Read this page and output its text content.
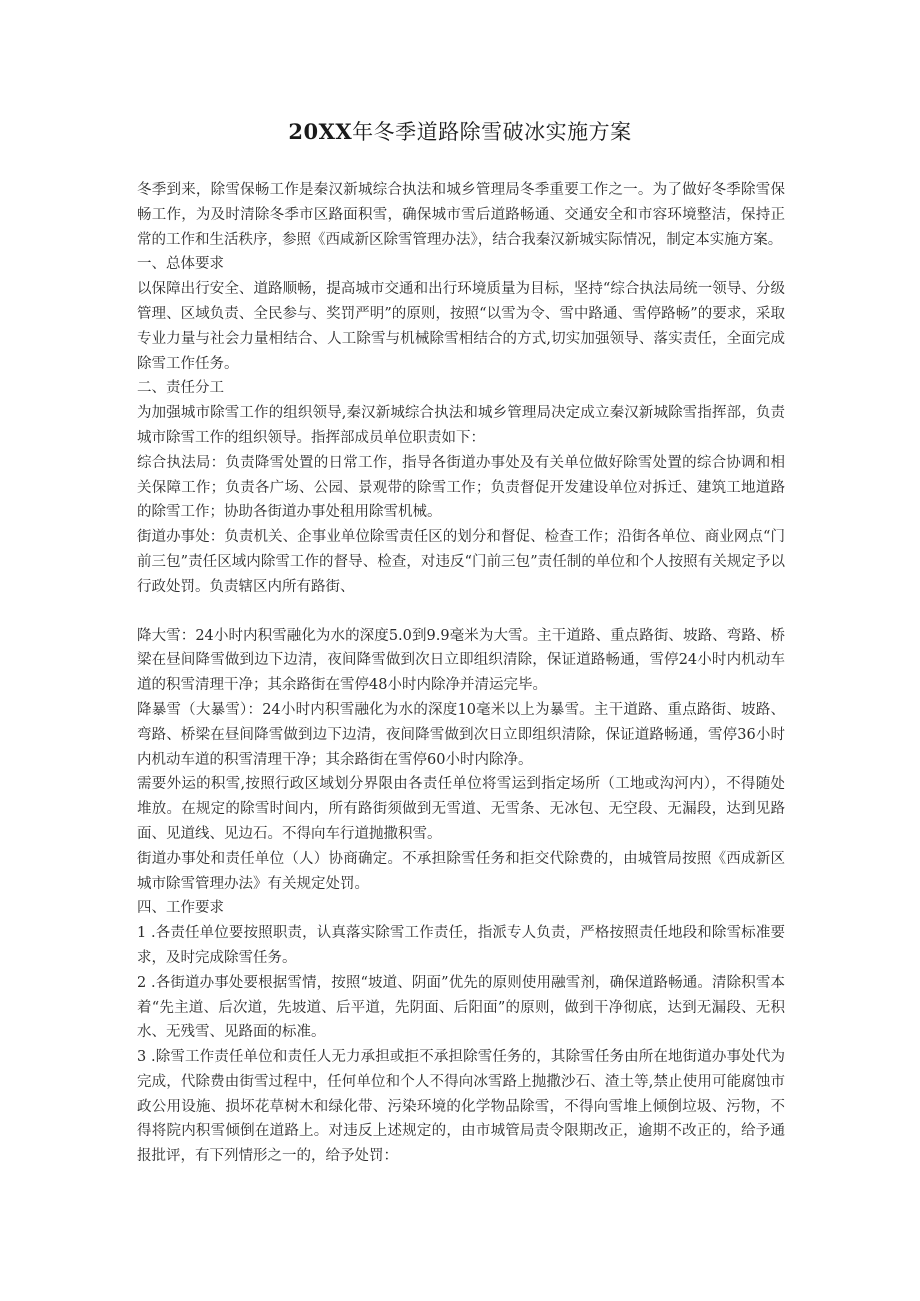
20XX年冬季道路除雪破冰实施方案

冬季到来，除雪保畅工作是秦汉新城综合执法和城乡管理局冬季重要工作之一。为了做好冬季除雪保畅工作，为及时清除冬季市区路面积雪，确保城市雪后道路畅通、交通安全和市容环境整洁，保持正常的工作和生活秩序，参照《西咸新区除雪管理办法》，结合我秦汉新城实际情况，制定本实施方案。

一、总体要求

以保障出行安全、道路顺畅，提高城市交通和出行环境质量为目标，坚持“综合执法局统一领导、分级管理、区域负责、全民参与、奖罚严明”的原则，按照“以雪为令、雪中路通、雪停路畅”的要求，采取专业力量与社会力量相结合、人工除雪与机械除雪相结合的方式,切实加强领导、落实责任，全面完成除雪工作任务。

二、责任分工

为加强城市除雪工作的组织领导,秦汉新城综合执法和城乡管理局决定成立秦汉新城除雪指挥部，负责城市除雪工作的组织领导。指挥部成员单位职责如下：

综合执法局：负责降雪处置的日常工作，指导各街道办事处及有关单位做好除雪处置的综合协调和相关保障工作；负责各广场、公园、景观带的除雪工作；负责督促开发建设单位对拆迁、建筑工地道路的除雪工作；协助各街道办事处租用除雪机械。

街道办事处：负责机关、企事业单位除雪责任区的划分和督促、检查工作；沿街各单位、商业网点“门前三包”责任区域内除雪工作的督导、检查，对违反“门前三包”责任制的单位和个人按照有关规定予以行政处罚。负责辖区内所有路街、

降大雪：24小时内积雪融化为水的深度5.0到9.9毫米为大雪。主干道路、重点路街、坡路、弯路、桥梁在昼间降雪做到边下边清，夜间降雪做到次日立即组织清除，保证道路畅通，雪停24小时内机动车道的积雪清理干净；其余路街在雪停48小时内除净并清运完毕。

降暴雪（大暴雪）：24小时内积雪融化为水的深度10毫米以上为暴雪。主干道路、重点路街、坡路、弯路、桥梁在昼间降雪做到边下边清，夜间降雪做到次日立即组织清除，保证道路畅通，雪停36小时内机动车道的积雪清理干净；其余路街在雪停60小时内除净。

需要外运的积雪,按照行政区域划分界限由各责任单位将雪运到指定场所（工地或沟河内），不得随处堆放。在规定的除雪时间内，所有路街须做到无雪道、无雪条、无冰包、无空段、无漏段，达到见路面、见道线、见边石。不得向车行道抛撒积雪。

街道办事处和责任单位（人）协商确定。不承担除雪任务和拒交代除费的，由城管局按照《西成新区城市除雪管理办法》有关规定处罚。

四、工作要求

1 .各责任单位要按照职责，认真落实除雪工作责任，指派专人负责，严格按照责任地段和除雪标准要求，及时完成除雪任务。

2 .各街道办事处要根据雪情，按照“坡道、阴面”优先的原则使用融雪剂，确保道路畅通。清除积雪本着“先主道、后次道，先坡道、后平道，先阴面、后阳面”的原则，做到干净彻底，达到无漏段、无积水、无残雪、见路面的标准。

3 .除雪工作责任单位和责任人无力承担或拒不承担除雪任务的，其除雪任务由所在地街道办事处代为完成，代除费由街雪过程中，任何单位和个人不得向冰雪路上抛撒沙石、渣土等,禁止使用可能腐蚀市政公用设施、损坏花草树木和绿化带、污染环境的化学物品除雪，不得向雪堆上倾倒垃圾、污物，不得将院内积雪倾倒在道路上。对违反上述规定的，由市城管局责令限期改正，逾期不改正的，给予通报批评，有下列情形之一的，给予处罚：
